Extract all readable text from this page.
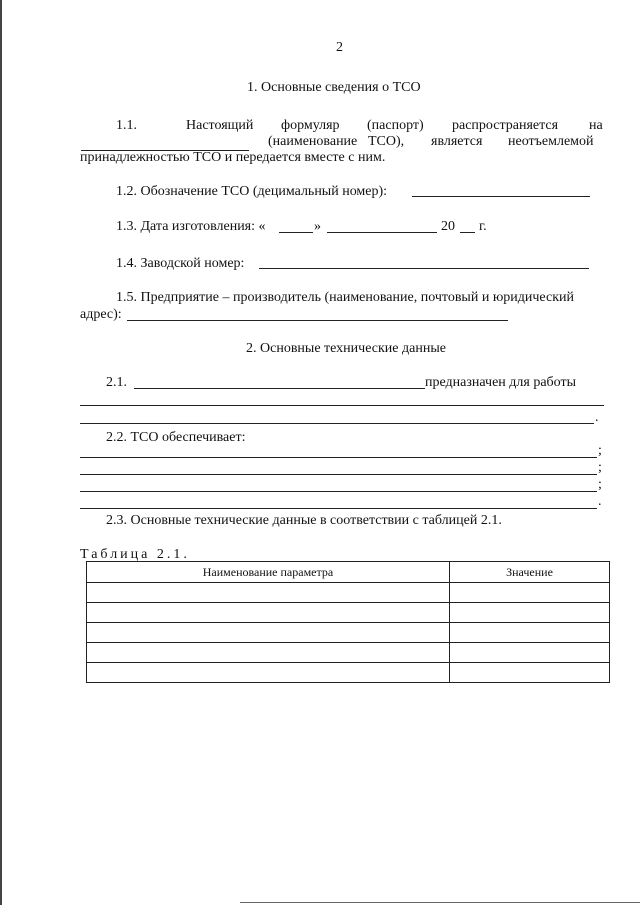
2
1. Основные сведения о ТСО
1.1.	Настоящий формуляр (паспорт) распространяется на
(наименование ТСО), является неотъемлемой
принадлежностью ТСО и передается вместе с ним.
1.2. Обозначение ТСО (децимальный номер):
1.3. Дата изготовления: «	»	20 г.
1.4. Заводской номер:
1.5. Предприятие – производитель (наименование, почтовый и юридический
адрес):
2. Основные технические данные
2.1.	предназначен для работы
.
2.2. ТСО обеспечивает:
;
;
;
.
2.3. Основные технические данные в соответствии с таблицей 2.1.
Таблица 2.1.
Наименование параметра	Значение
